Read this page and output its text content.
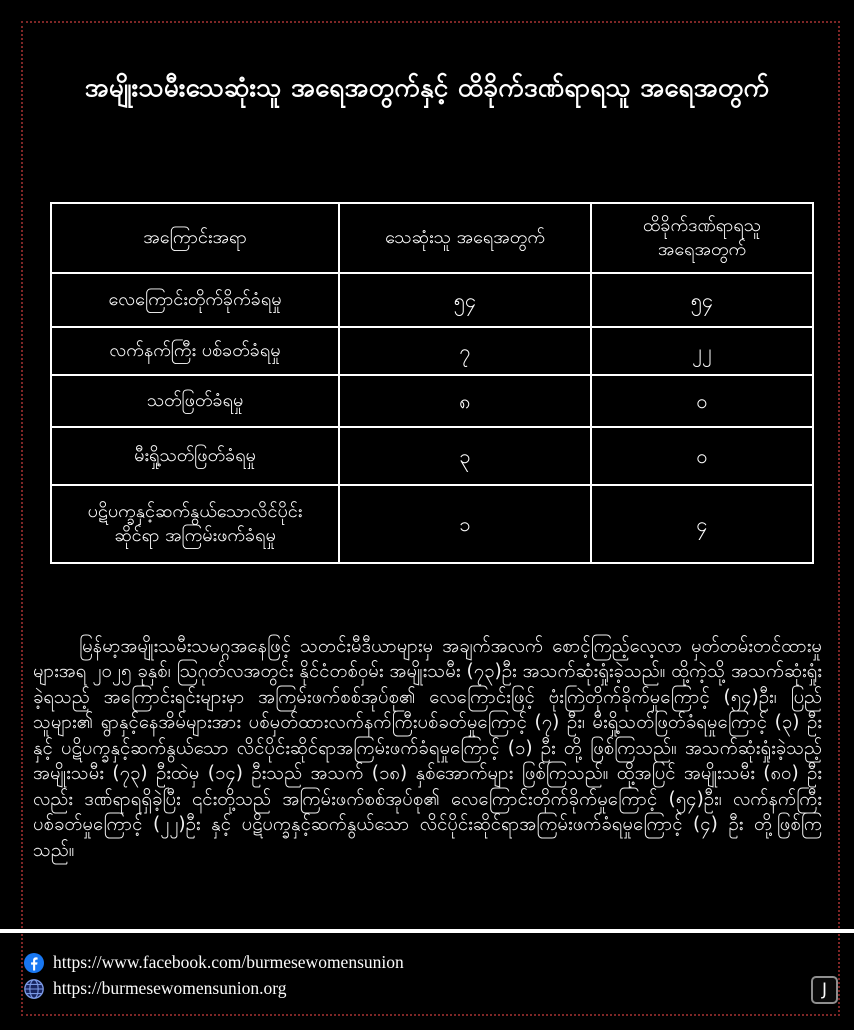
အမျိုးသမီးသေဆုံးသူ အရေအတွက်နှင့် ထိခိုက်ဒဏ်ရာရသူ အရေအတွက်
အကြောင်းအရာ	သေဆုံးသူ အရေအတွက်	ထိခိုက်ဒဏ်ရာရသူ အရေအတွက်
လေကြောင်းတိုက်ခိုက်ခံရမှု	၅၄	၅၄
လက်နက်ကြီး ပစ်ခတ်ခံရမှု	၇	၂၂
သတ်ဖြတ်ခံရမှု	၈	၀
မီးရှို့သတ်ဖြတ်ခံရမှု	၃	၀
ပဋိပက္ခနှင့်ဆက်နွယ်သောလိင်ပိုင်းဆိုင်ရာ အကြမ်းဖက်ခံရမှု	၁	၄

မြန်မာ့အမျိုးသမီးသမဂ္ဂအနေဖြင့် သတင်းမီဒီယာများမှ အချက်အလက် စောင့်ကြည့်လေ့လာ မှတ်တမ်းတင်ထားမှုများအရ ၂၀၂၅ ခုနှစ်၊ ဩဂုတ်လအတွင်း နိုင်ငံတစ်ဝှမ်း အမျိုးသမီး (၇၃)ဦး အသက်ဆုံးရှုံးခဲ့သည်။ ထို့ကဲ့သို့ အသက်ဆုံးရှုံးခဲ့ရသည့် အကြောင်းရင်းများမှာ အကြမ်းဖက်စစ်အုပ်စု၏ လေကြောင်းဖြင့် ဗုံးကြဲတိုက်ခိုက်မှုကြောင့် (၅၄)ဦး၊ ပြည်သူများ၏ ရွာနှင့်နေအိမ်များအား ပစ်မှတ်ထားလက်နက်ကြီးပစ်ခတ်မှုကြောင့် (၇) ဦး၊ မီးရှို့သတ်ဖြတ်ခံရမှုကြောင့် (၃) ဦးနှင့် ပဋိပက္ခနှင့်ဆက်နွယ်သော လိင်ပိုင်းဆိုင်ရာအကြမ်းဖက်ခံရမှုကြောင့် (၁) ဦး တို့ ဖြစ်ကြသည်။ အသက်ဆုံးရှုံးခဲ့သည့် အမျိုးသမီး (၇၃) ဦးထဲမှ (၁၄) ဦးသည် အသက် (၁၈) နှစ်အောက်များ ဖြစ်ကြသည်။ ထို့အပြင် အမျိုးသမီး (၈၀) ဦးလည်း ဒဏ်ရာရရှိခဲ့ပြီး ၎င်းတို့သည် အကြမ်းဖက်စစ်အုပ်စု၏ လေကြောင်းတိုက်ခိုက်မှုကြောင့် (၅၄)ဦး၊ လက်နက်ကြီးပစ်ခတ်မှုကြောင့် (၂၂)ဦး နှင့် ပဋိပက္ခနှင့်ဆက်နွယ်သော လိင်ပိုင်းဆိုင်ရာအကြမ်းဖက်ခံရမှုကြောင့် (၄) ဦး တို့ဖြစ်ကြသည်။

https://www.facebook.com/burmesewomensunion
https://burmesewomensunion.org	J
